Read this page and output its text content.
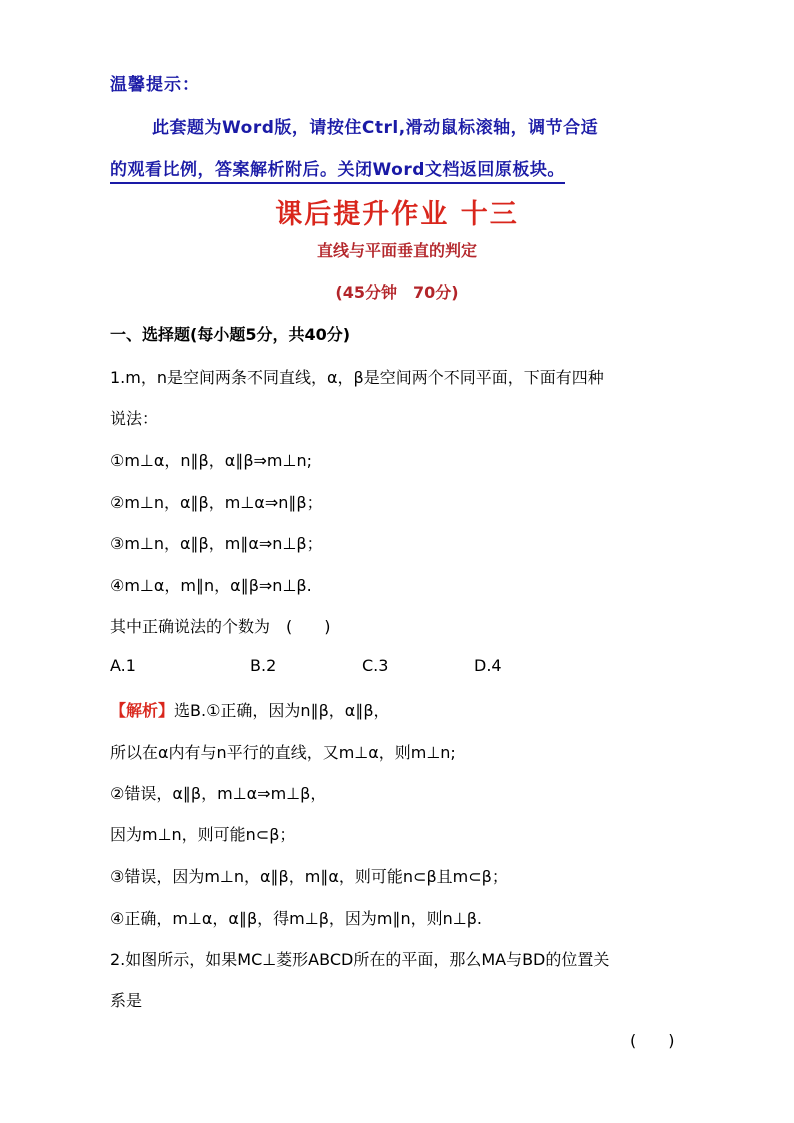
温馨提示：
此套题为Word版，请按住Ctrl,滑动鼠标滚轴，调节合适
的观看比例，答案解析附后。关闭Word文档返回原板块。
课后提升作业 十三
直线与平面垂直的判定
(45分钟　70分)
一、选择题(每小题5分，共40分)
1.m，n是空间两条不同直线，α，β是空间两个不同平面，下面有四种
说法：
①m⊥α，n∥β，α∥β⇒m⊥n;
②m⊥n，α∥β，m⊥α⇒n∥β；
③m⊥n，α∥β，m∥α⇒n⊥β；
④m⊥α，m∥n，α∥β⇒n⊥β.
其中正确说法的个数为　(　　)
A.1	B.2	C.3	D.4
【解析】选B.①正确，因为n∥β，α∥β，
所以在α内有与n平行的直线，又m⊥α，则m⊥n;
②错误，α∥β，m⊥α⇒m⊥β，
因为m⊥n，则可能n⊂β；
③错误，因为m⊥n，α∥β，m∥α，则可能n⊂β且m⊂β；
④正确，m⊥α，α∥β，得m⊥β，因为m∥n，则n⊥β.
2.如图所示，如果MC⊥菱形ABCD所在的平面，那么MA与BD的位置关
系是
(　　)
